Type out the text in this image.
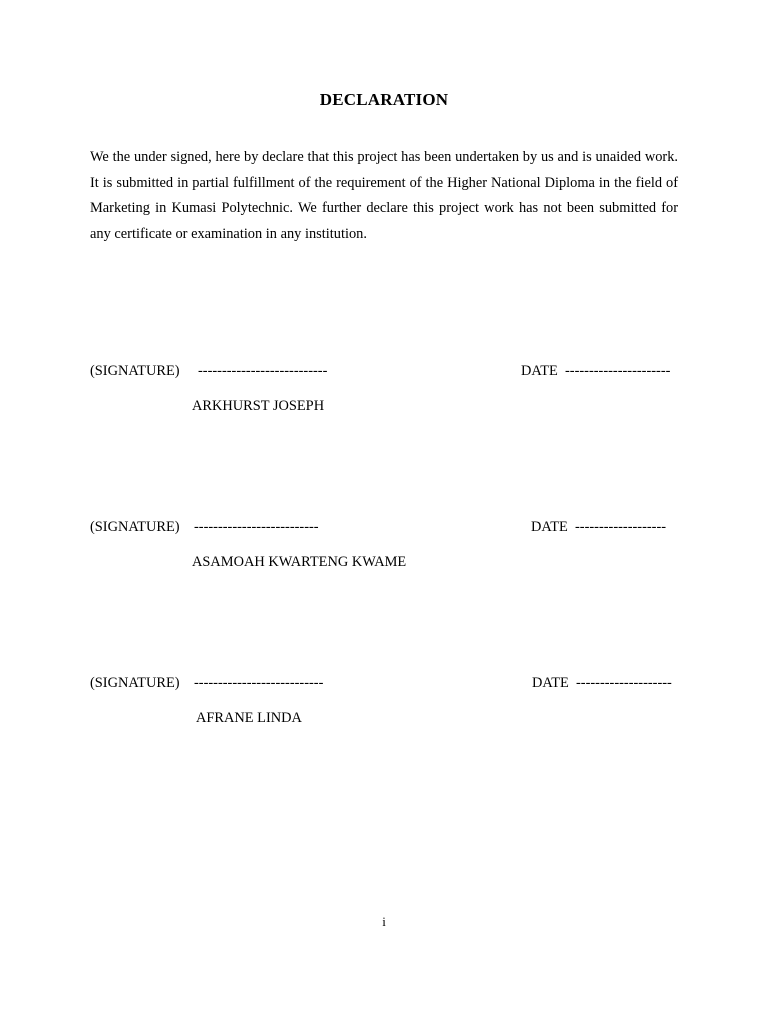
DECLARATION
We the under signed, here by declare that this project has been undertaken by us and is unaided work. It is submitted in partial fulfillment of the requirement of the Higher National Diploma in the field of Marketing in Kumasi Polytechnic. We further declare this project work has not been submitted for any certificate or examination in any institution.
(SIGNATURE) ---------------------------	DATE ----------------------
ARKHURST JOSEPH
(SIGNATURE) --------------------------	DATE -------------------
ASAMOAH KWARTENG KWAME
(SIGNATURE) ---------------------------	DATE --------------------
AFRANE LINDA
i
